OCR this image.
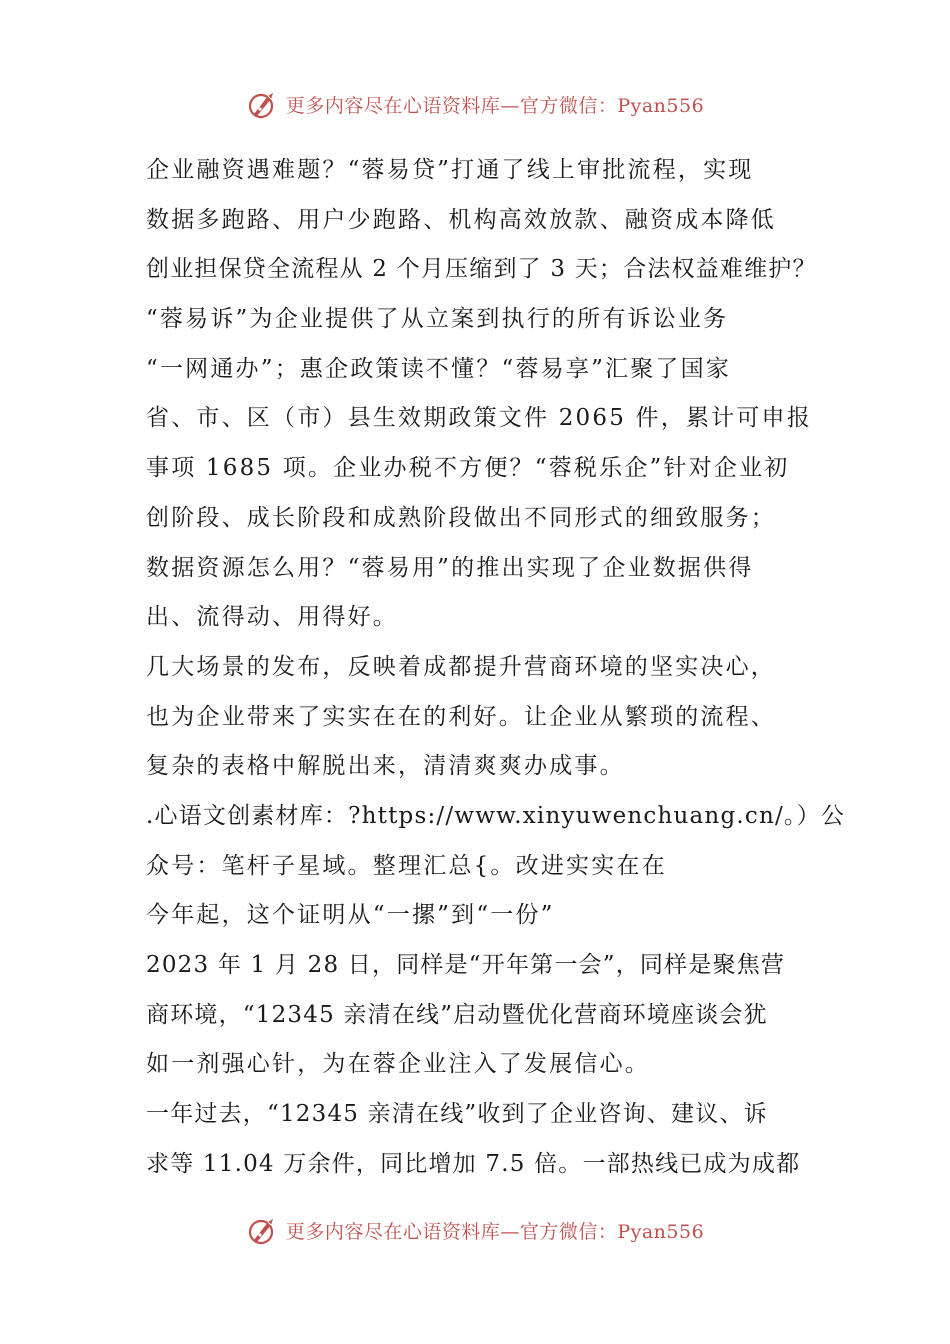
更多内容尽在心语资料库—官方微信：Pyan556
企业融资遇难题？“蓉易贷”打通了线上审批流程，实现
数据多跑路、用户少跑路、机构高效放款、融资成本降低
创业担保贷全流程从 2 个月压缩到了 3 天；合法权益难维护？
“蓉易诉”为企业提供了从立案到执行的所有诉讼业务
“一网通办”；惠企政策读不懂？“蓉易享”汇聚了国家
省、市、区（市）县生效期政策文件 2065 件，累计可申报
事项 1685 项。企业办税不方便？“蓉税乐企”针对企业初
创阶段、成长阶段和成熟阶段做出不同形式的细致服务；
数据资源怎么用？“蓉易用”的推出实现了企业数据供得
出、流得动、用得好。
几大场景的发布，反映着成都提升营商环境的坚实决心，
也为企业带来了实实在在的利好。让企业从繁琐的流程、
复杂的表格中解脱出来，清清爽爽办成事。
.心语文创素材库：?https://www.xinyuwenchuang.cn/。）公
众号：笔杆子星域。整理汇总{。改进实实在在
今年起，这个证明从“一摞”到“一份”
2023 年 1 月 28 日，同样是“开年第一会”，同样是聚焦营
商环境，“12345 亲清在线”启动暨优化营商环境座谈会犹
如一剂强心针，为在蓉企业注入了发展信心。
一年过去，“12345 亲清在线”收到了企业咨询、建议、诉
求等 11.04 万余件，同比增加 7.5 倍。一部热线已成为成都
更多内容尽在心语资料库—官方微信：Pyan556
